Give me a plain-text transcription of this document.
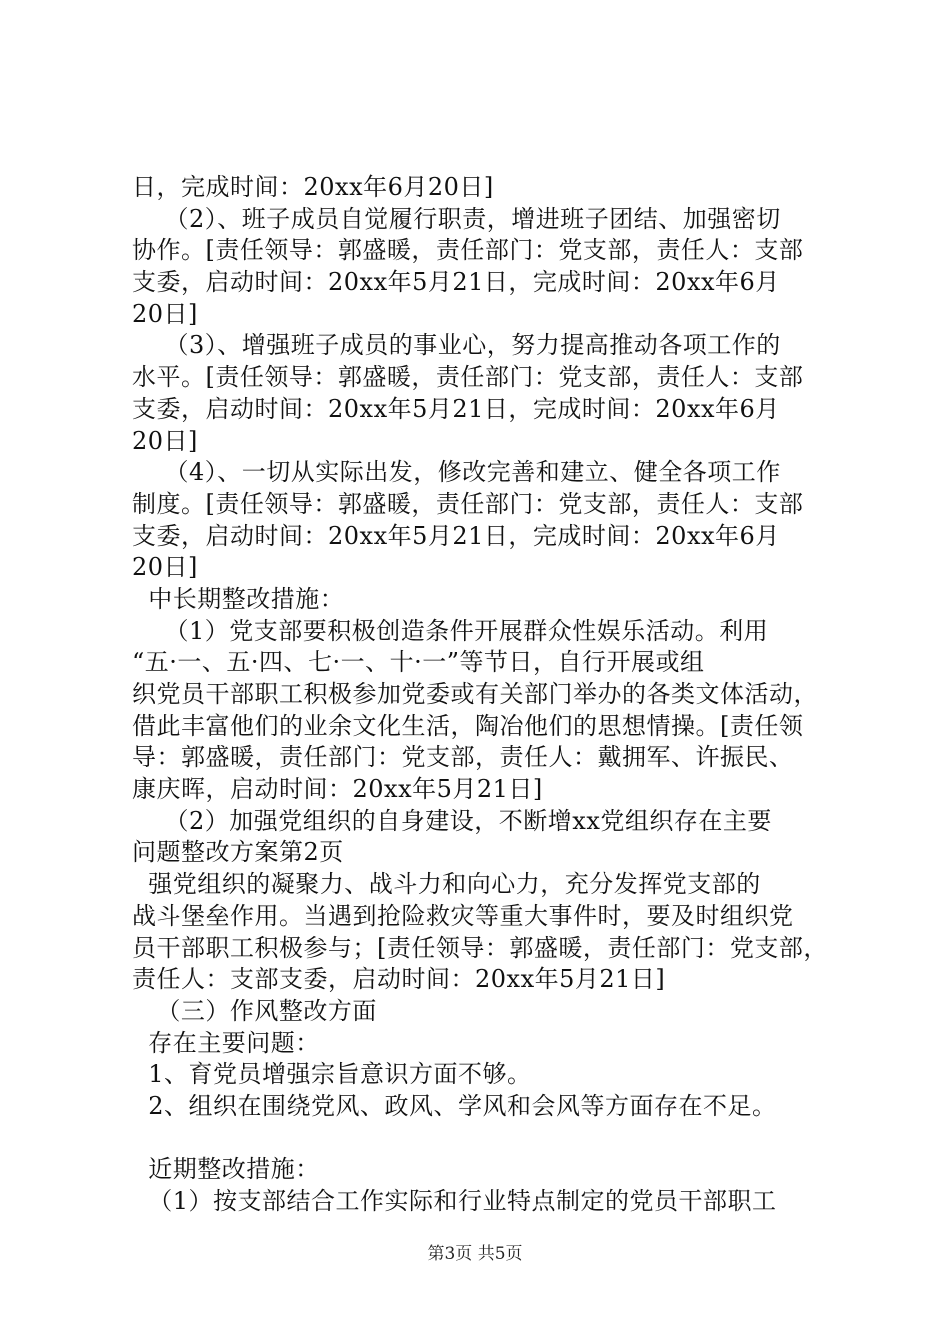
日，完成时间：20xx年6月20日]
（2）、班子成员自觉履行职责，增进班子团结、加强密切
协作。[责任领导：郭盛暖，责任部门：党支部，责任人：支部
支委，启动时间：20xx年5月21日，完成时间：20xx年6月
20日]
（3）、增强班子成员的事业心，努力提高推动各项工作的
水平。[责任领导：郭盛暖，责任部门：党支部，责任人：支部
支委，启动时间：20xx年5月21日，完成时间：20xx年6月
20日]
（4）、一切从实际出发，修改完善和建立、健全各项工作
制度。[责任领导：郭盛暖，责任部门：党支部，责任人：支部
支委，启动时间：20xx年5月21日，完成时间：20xx年6月
20日]
中长期整改措施：
（1）党支部要积极创造条件开展群众性娱乐活动。利用
“五·一、五·四、七·一、十·一”等节日，自行开展或组
织党员干部职工积极参加党委或有关部门举办的各类文体活动，
借此丰富他们的业余文化生活，陶冶他们的思想情操。[责任领
导：郭盛暖，责任部门：党支部，责任人：戴拥军、许振民、
康庆晖，启动时间：20xx年5月21日]
（2）加强党组织的自身建设，不断增xx党组织存在主要
问题整改方案第2页
强党组织的凝聚力、战斗力和向心力，充分发挥党支部的
战斗堡垒作用。当遇到抢险救灾等重大事件时，要及时组织党
员干部职工积极参与；[责任领导：郭盛暖，责任部门：党支部，
责任人：支部支委，启动时间：20xx年5月21日]
（三）作风整改方面
存在主要问题：
1、育党员增强宗旨意识方面不够。
2、组织在围绕党风、政风、学风和会风等方面存在不足。
近期整改措施：
（1）按支部结合工作实际和行业特点制定的党员干部职工
第3页 共5页
